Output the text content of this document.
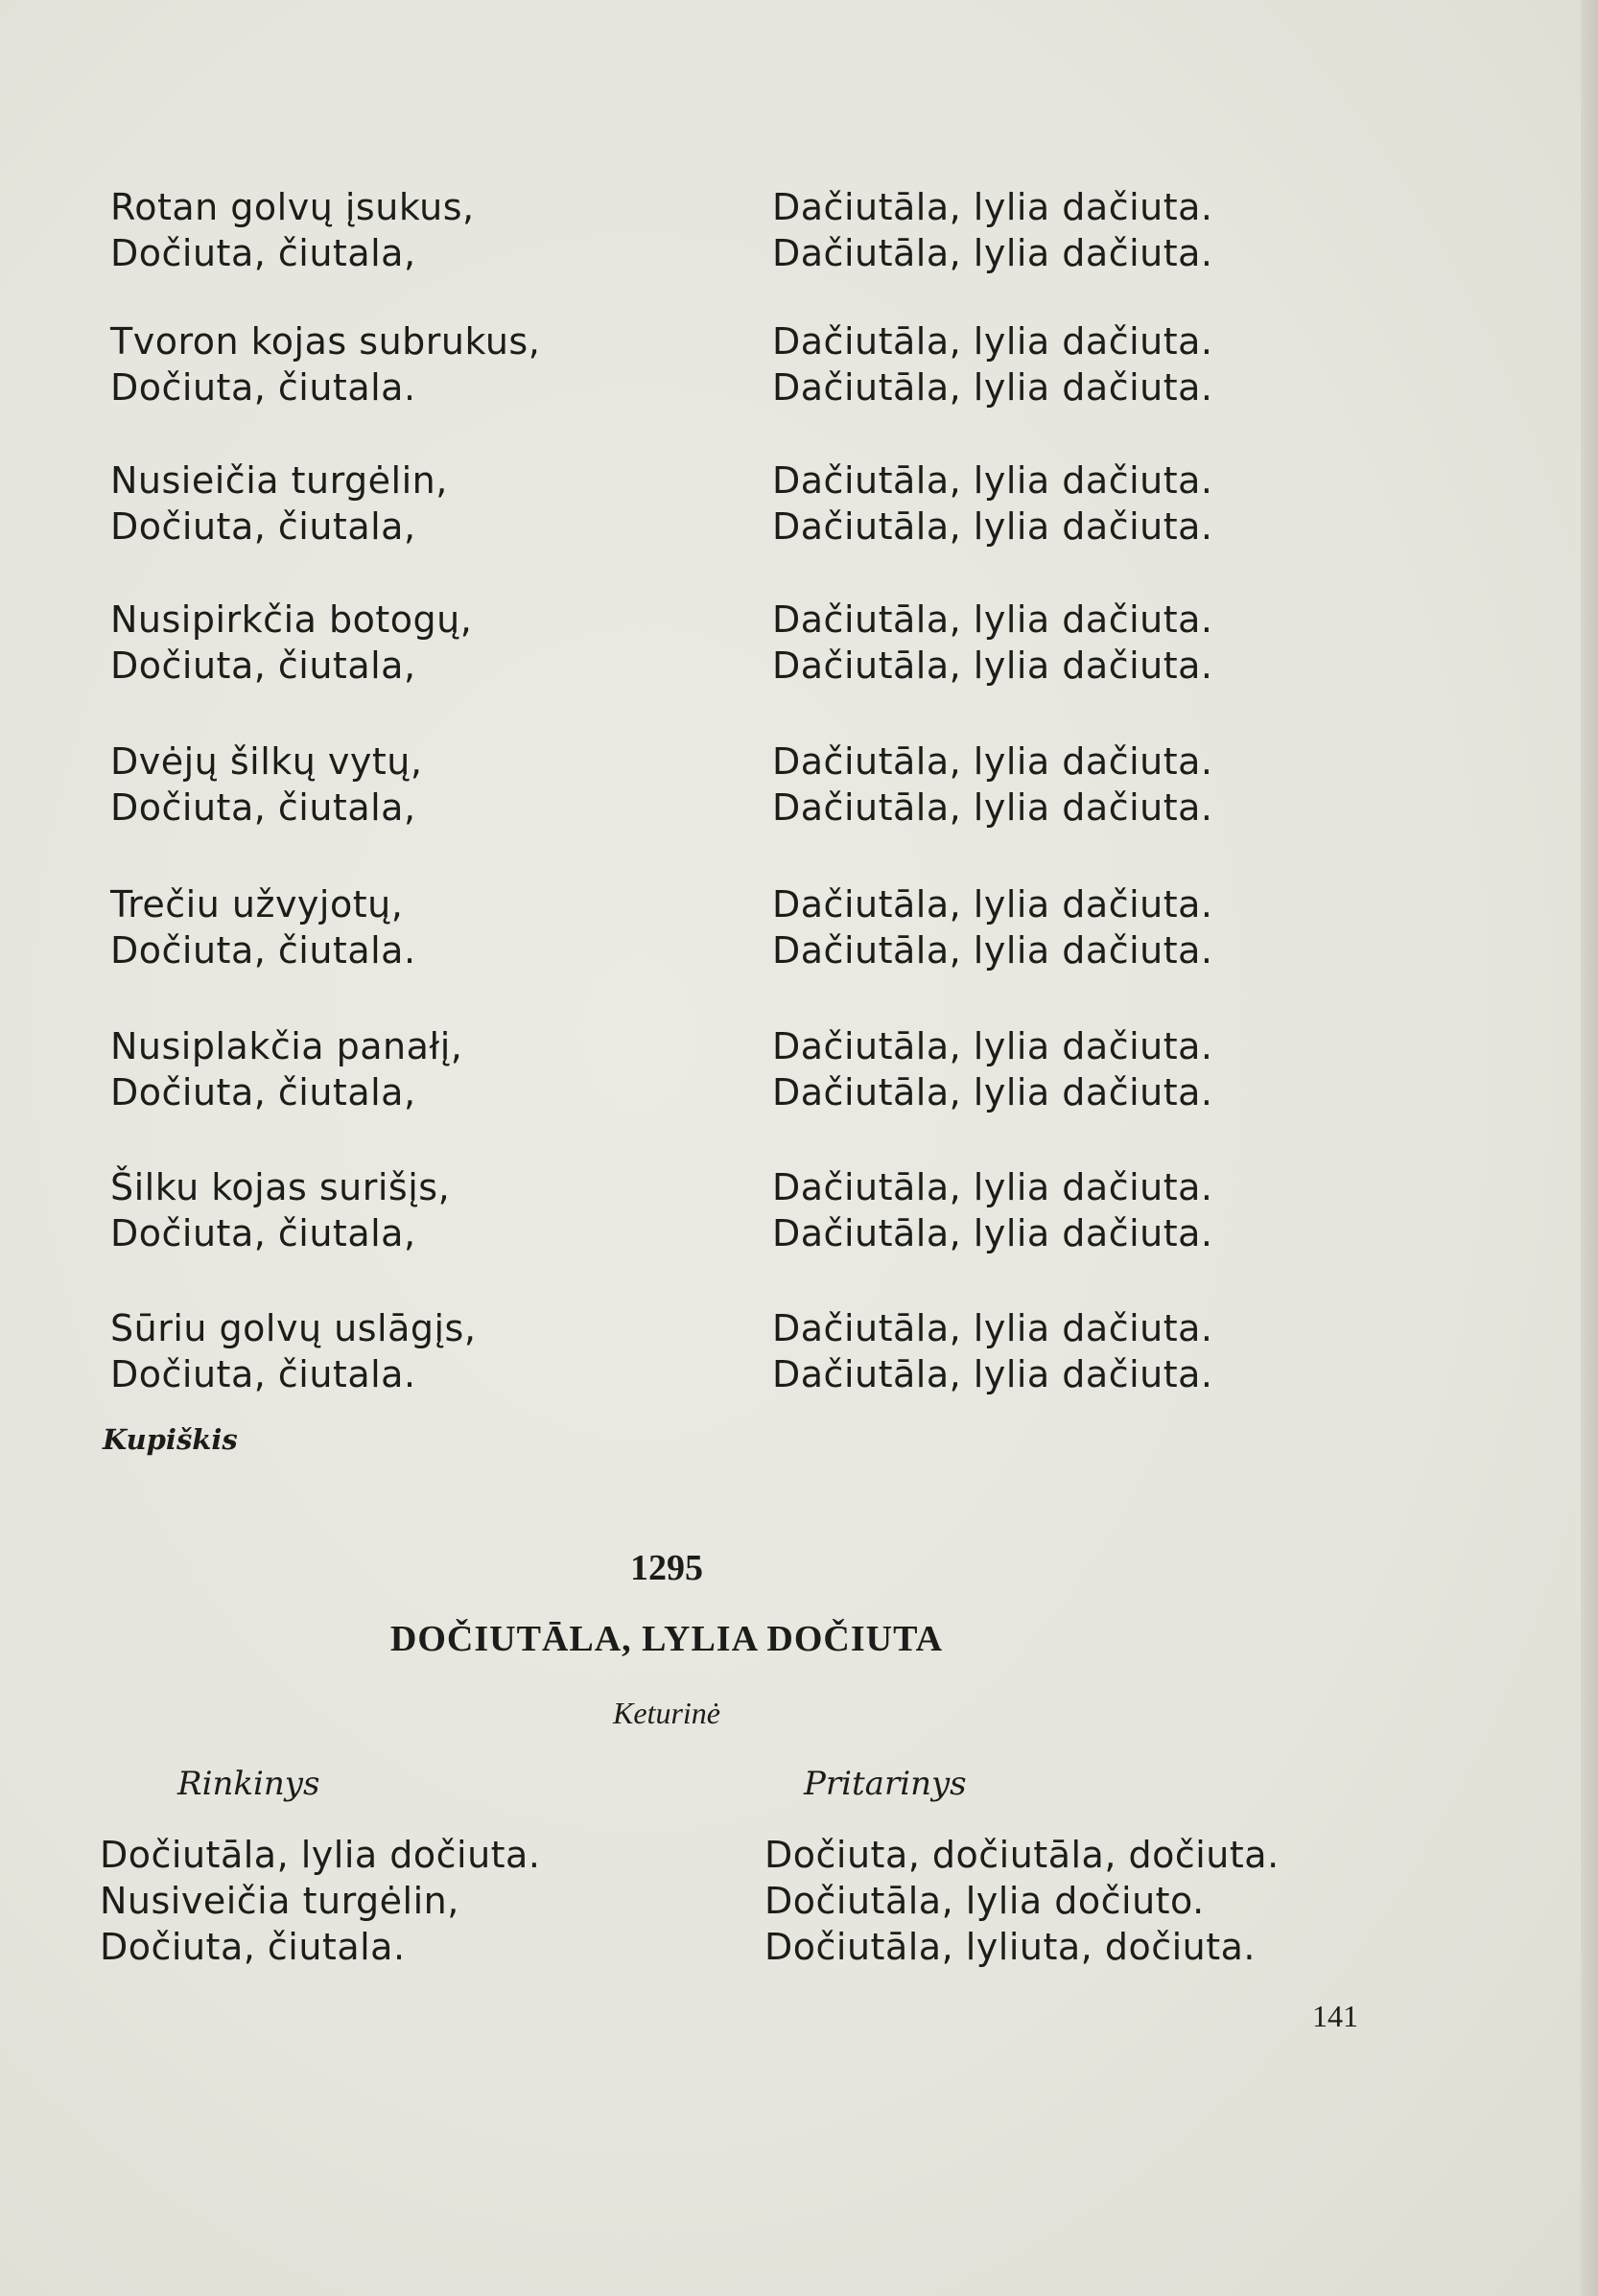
Rotan golvų įsukus,
Dočiuta, čiutala,
Dačiutāla, lylia dačiuta.
Dačiutāla, lylia dačiuta.
Tvoron kojas subrukus,
Dočiuta, čiutala.
Dačiutāla, lylia dačiuta.
Dačiutāla, lylia dačiuta.
Nusieičia turgėlin,
Dočiuta, čiutala,
Dačiutāla, lylia dačiuta.
Dačiutāla, lylia dačiuta.
Nusipirkčia botogų,
Dočiuta, čiutala,
Dačiutāla, lylia dačiuta.
Dačiutāla, lylia dačiuta.
Dvėjų šilkų vytų,
Dočiuta, čiutala,
Dačiutāla, lylia dačiuta.
Dačiutāla, lylia dačiuta.
Trečiu užvyjotų,
Dočiuta, čiutala.
Dačiutāla, lylia dačiuta.
Dačiutāla, lylia dačiuta.
Nusiplakčia panałį,
Dočiuta, čiutala,
Dačiutāla, lylia dačiuta.
Dačiutāla, lylia dačiuta.
Šilku kojas surišįs,
Dočiuta, čiutala,
Dačiutāla, lylia dačiuta.
Dačiutāla, lylia dačiuta.
Sūriu golvų uslāgįs,
Dočiuta, čiutala.
Dačiutāla, lylia dačiuta.
Dačiutāla, lylia dačiuta.
Kupiškis
1295
DOČIUTĀLA, LYLIA DOČIUTA
Keturinė
Rinkinys	Pritarinys
Dočiutāla, lylia dočiuta.
Nusiveičia turgėlin,
Dočiuta, čiutala.
Dočiuta, dočiutāla, dočiuta.
Dočiutāla, lylia dočiuto.
Dočiutāla, lyliuta, dočiuta.
141
